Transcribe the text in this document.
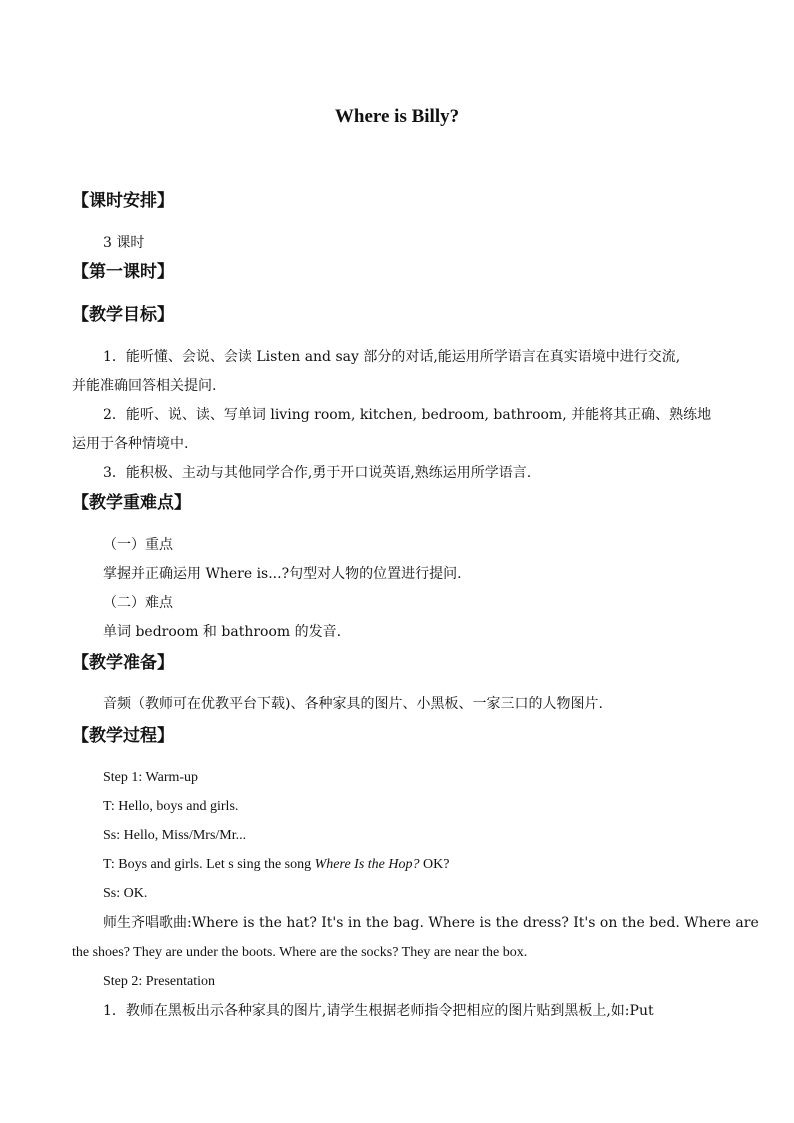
Where is Billy?

【课时安排】

3 课时

【第一课时】

【教学目标】

1．能听懂、会说、会读 Listen and say 部分的对话,能运用所学语言在真实语境中进行交流,

并能准确回答相关提问.

2．能听、说、读、写单词 living room, kitchen, bedroom, bathroom, 并能将其正确、熟练地

运用于各种情境中.

3．能积极、主动与其他同学合作,勇于开口说英语,熟练运用所学语言.

【教学重难点】

（一）重点

掌握并正确运用 Where is...?句型对人物的位置进行提问.

（二）难点

单词 bedroom 和 bathroom 的发音.

【教学准备】

音频（教师可在优教平台下载)、各种家具的图片、小黑板、一家三口的人物图片.

【教学过程】

Step 1: Warm-up

T: Hello, boys and girls.

Ss: Hello, Miss/Mrs/Mr...

T: Boys and girls. Let s sing the song Where Is the Hop? OK?

Ss: OK.

师生齐唱歌曲:Where is the hat? It's in the bag. Where is the dress? It's on the bed. Where are

the shoes? They are under the boots. Where are the socks? They are near the box.

Step 2: Presentation

1．教师在黑板出示各种家具的图片,请学生根据老师指令把相应的图片贴到黑板上,如:Put
